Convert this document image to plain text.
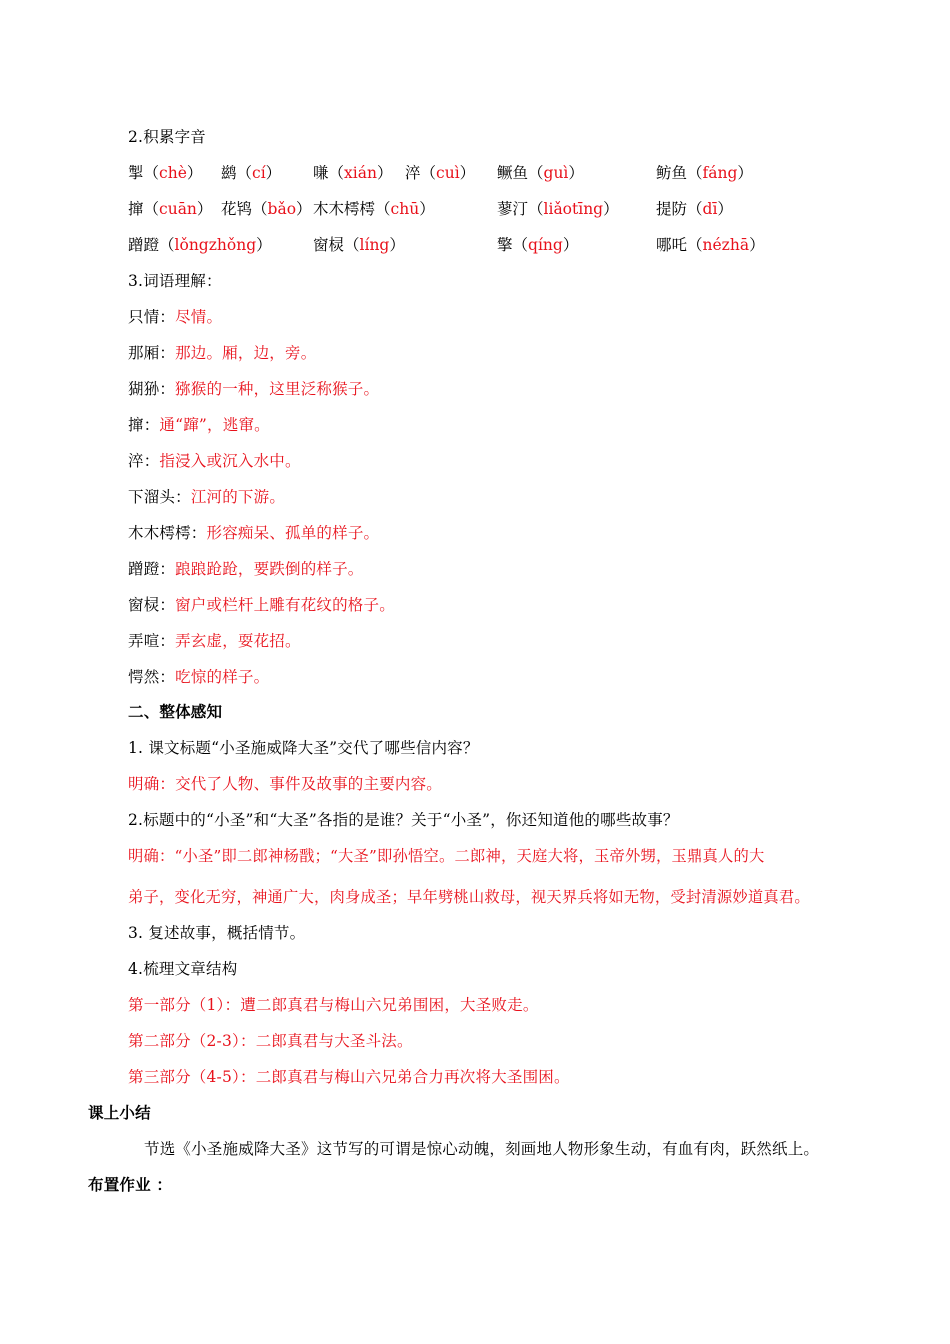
2.积累字音
掣（chè） 鹚（cí） 嗛（xián） 淬（cuì） 鳜鱼（guì）	鲂鱼（fáng）
撺（cuān） 花鸨（bǎo） 木木樗樗（chū）	蓼汀（liǎotīng） 提防（dī）
蹭蹬（lǒngzhǒng）	窗棂（líng）	擎（qíng）	哪吒（nézhā）
3.词语理解：
只情：尽情。
那厢：那边。厢，边，旁。
猢狲：猕猴的一种，这里泛称猴子。
撺：通“蹿”，逃窜。
淬：指浸入或沉入水中。
下溜头：江河的下游。
木木樗樗：形容痴呆、孤单的样子。
蹭蹬：踉踉跄跄，要跌倒的样子。
窗棂：窗户或栏杆上雕有花纹的格子。
弄喧：弄玄虚，耍花招。
愕然：吃惊的样子。
二、整体感知
1. 课文标题“小圣施威降大圣”交代了哪些信内容？
明确：交代了人物、事件及故事的主要内容。
2.标题中的“小圣”和“大圣”各指的是谁？关于“小圣”，你还知道他的哪些故事？
明确：“小圣”即二郎神杨戬；“大圣”即孙悟空。二郎神，天庭大将，玉帝外甥，玉鼎真人的大
弟子，变化无穷，神通广大，肉身成圣；早年劈桃山救母，视天界兵将如无物，受封清源妙道真君。
3. 复述故事，概括情节。
4.梳理文章结构
第一部分（1）：遭二郎真君与梅山六兄弟围困，大圣败走。
第二部分（2-3）：二郎真君与大圣斗法。
第三部分（4-5）：二郎真君与梅山六兄弟合力再次将大圣围困。
课上小结
节选《小圣施威降大圣》这节写的可谓是惊心动魄，刻画地人物形象生动，有血有肉，跃然纸上。
布置作业 ：
